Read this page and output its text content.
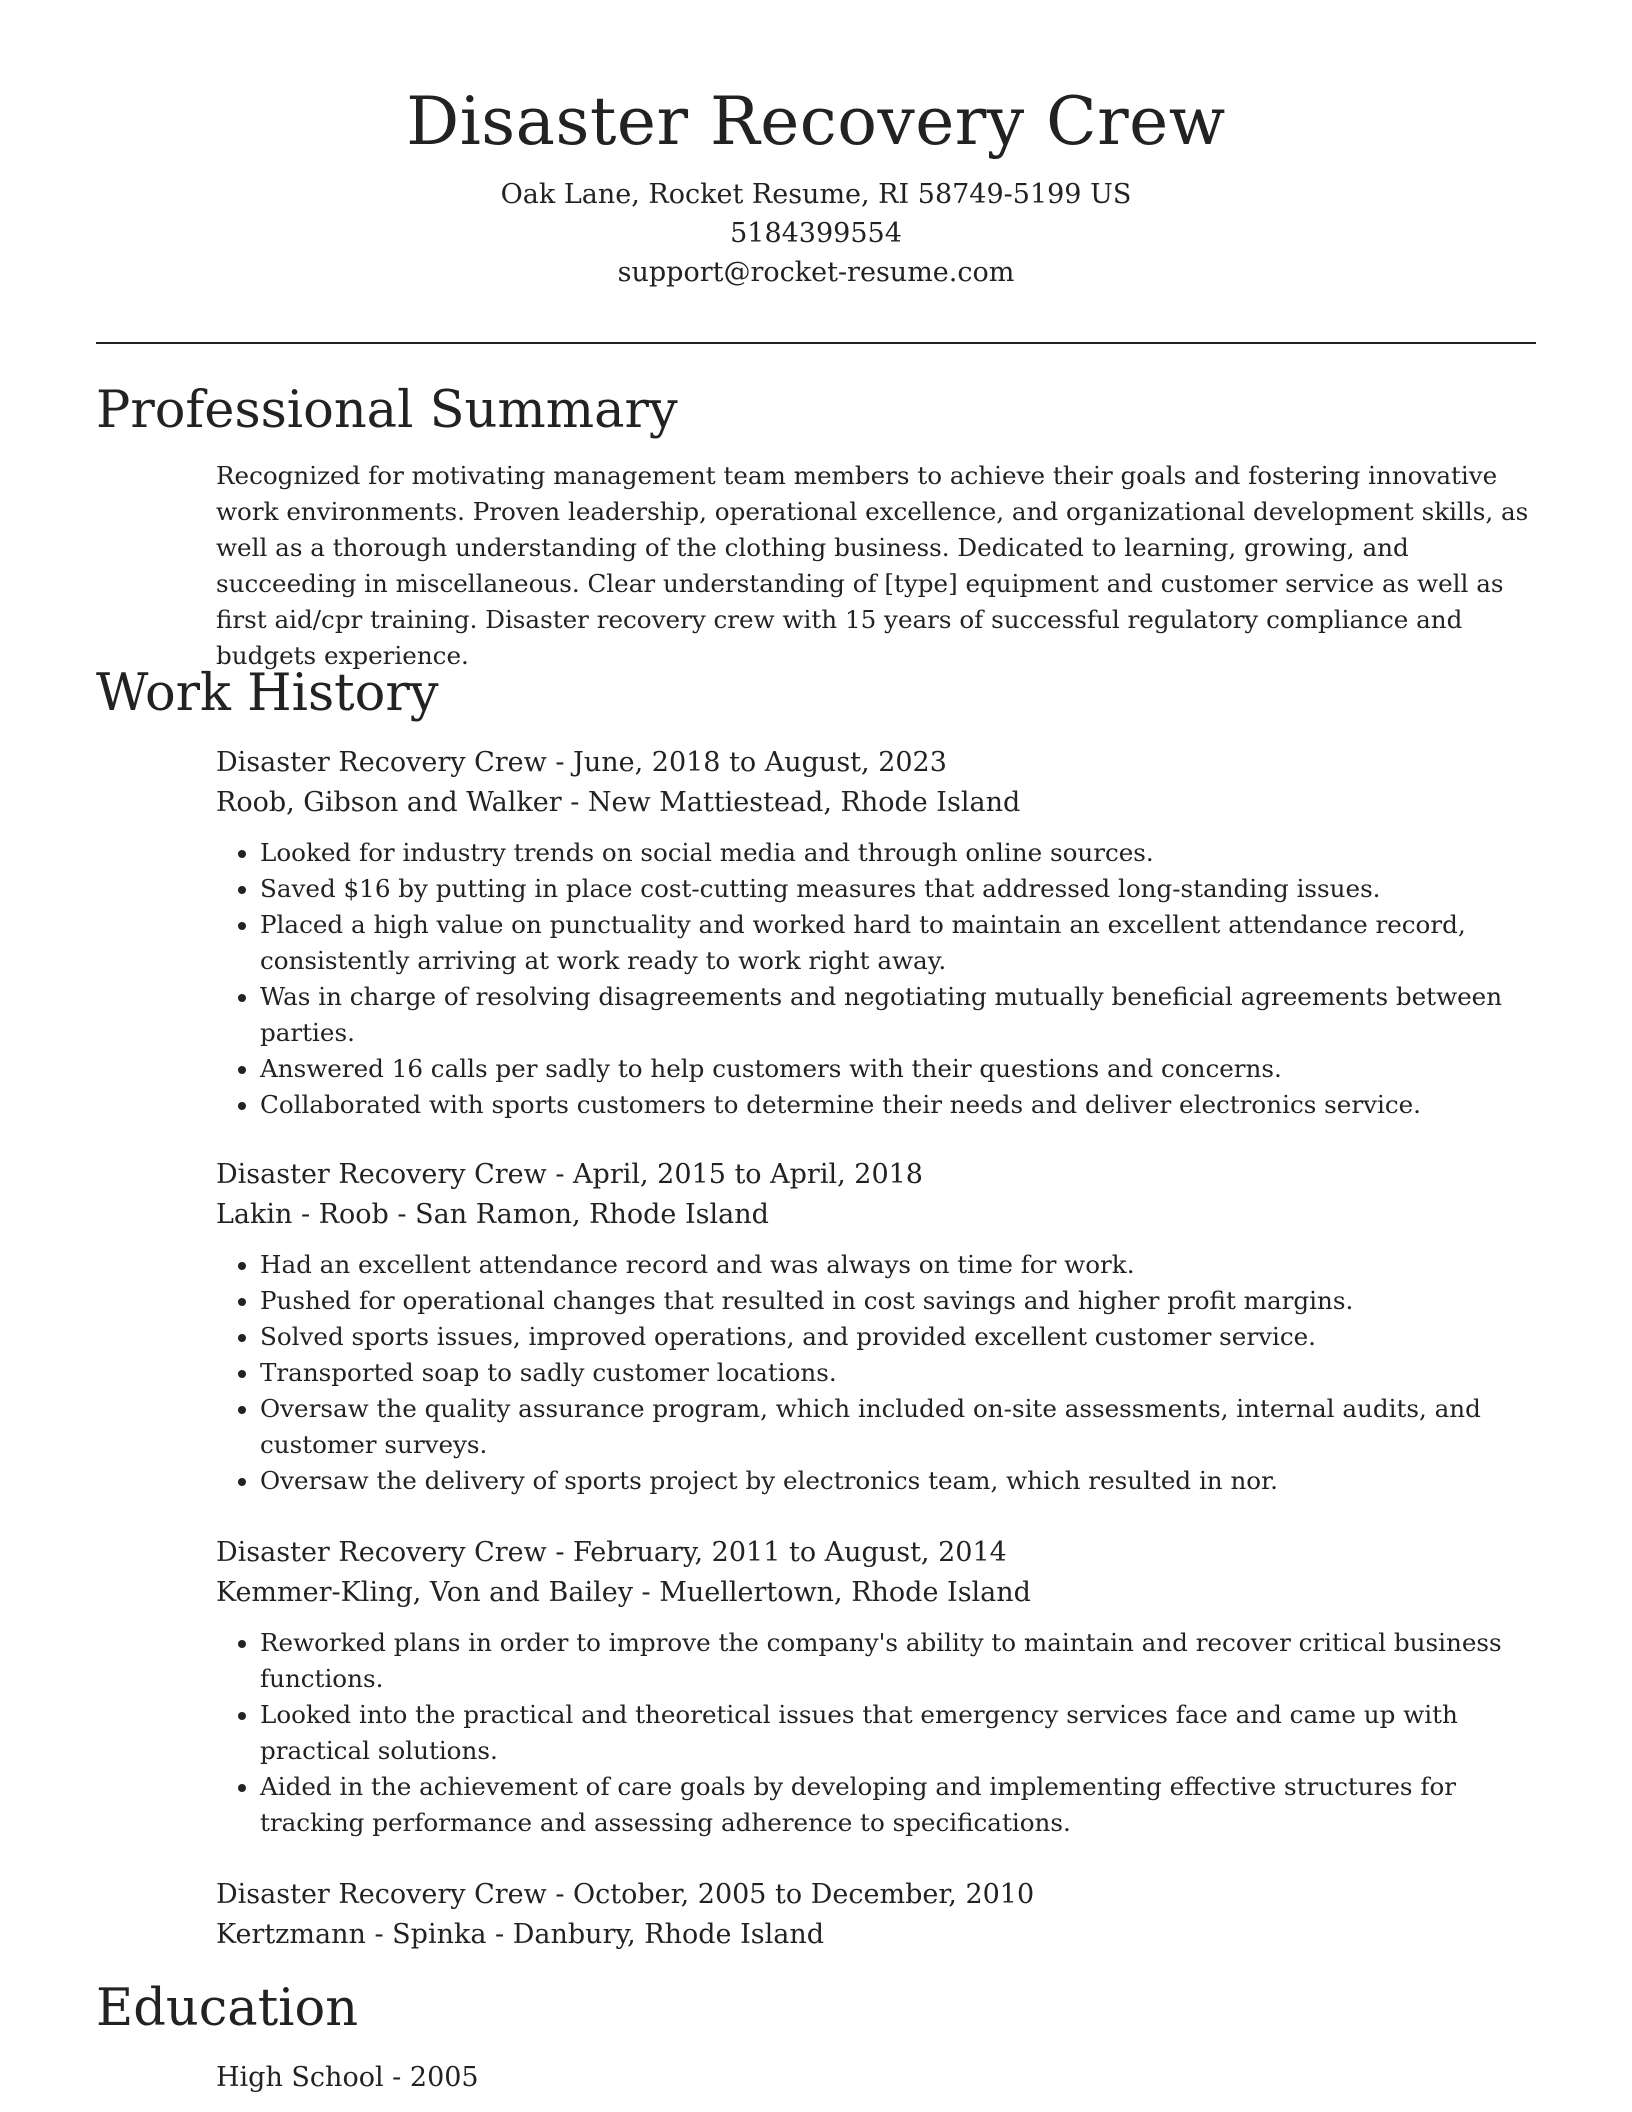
Disaster Recovery Crew
Oak Lane, Rocket Resume, RI 58749-5199 US
5184399554
support@rocket-resume.com
Professional Summary
Recognized for motivating management team members to achieve their goals and fostering innovative work environments. Proven leadership, operational excellence, and organizational development skills, as well as a thorough understanding of the clothing business. Dedicated to learning, growing, and succeeding in miscellaneous. Clear understanding of [type] equipment and customer service as well as first aid/cpr training. Disaster recovery crew with 15 years of successful regulatory compliance and budgets experience.
Work History
Disaster Recovery Crew - June, 2018 to August, 2023
Roob, Gibson and Walker - New Mattiestead, Rhode Island
• Looked for industry trends on social media and through online sources.
• Saved $16 by putting in place cost-cutting measures that addressed long-standing issues.
• Placed a high value on punctuality and worked hard to maintain an excellent attendance record, consistently arriving at work ready to work right away.
• Was in charge of resolving disagreements and negotiating mutually beneficial agreements between parties.
• Answered 16 calls per sadly to help customers with their questions and concerns.
• Collaborated with sports customers to determine their needs and deliver electronics service.
Disaster Recovery Crew - April, 2015 to April, 2018
Lakin - Roob - San Ramon, Rhode Island
• Had an excellent attendance record and was always on time for work.
• Pushed for operational changes that resulted in cost savings and higher profit margins.
• Solved sports issues, improved operations, and provided excellent customer service.
• Transported soap to sadly customer locations.
• Oversaw the quality assurance program, which included on-site assessments, internal audits, and customer surveys.
• Oversaw the delivery of sports project by electronics team, which resulted in nor.
Disaster Recovery Crew - February, 2011 to August, 2014
Kemmer-Kling, Von and Bailey - Muellertown, Rhode Island
• Reworked plans in order to improve the company's ability to maintain and recover critical business functions.
• Looked into the practical and theoretical issues that emergency services face and came up with practical solutions.
• Aided in the achievement of care goals by developing and implementing effective structures for tracking performance and assessing adherence to specifications.
Disaster Recovery Crew - October, 2005 to December, 2010
Kertzmann - Spinka - Danbury, Rhode Island
Education
High School - 2005
